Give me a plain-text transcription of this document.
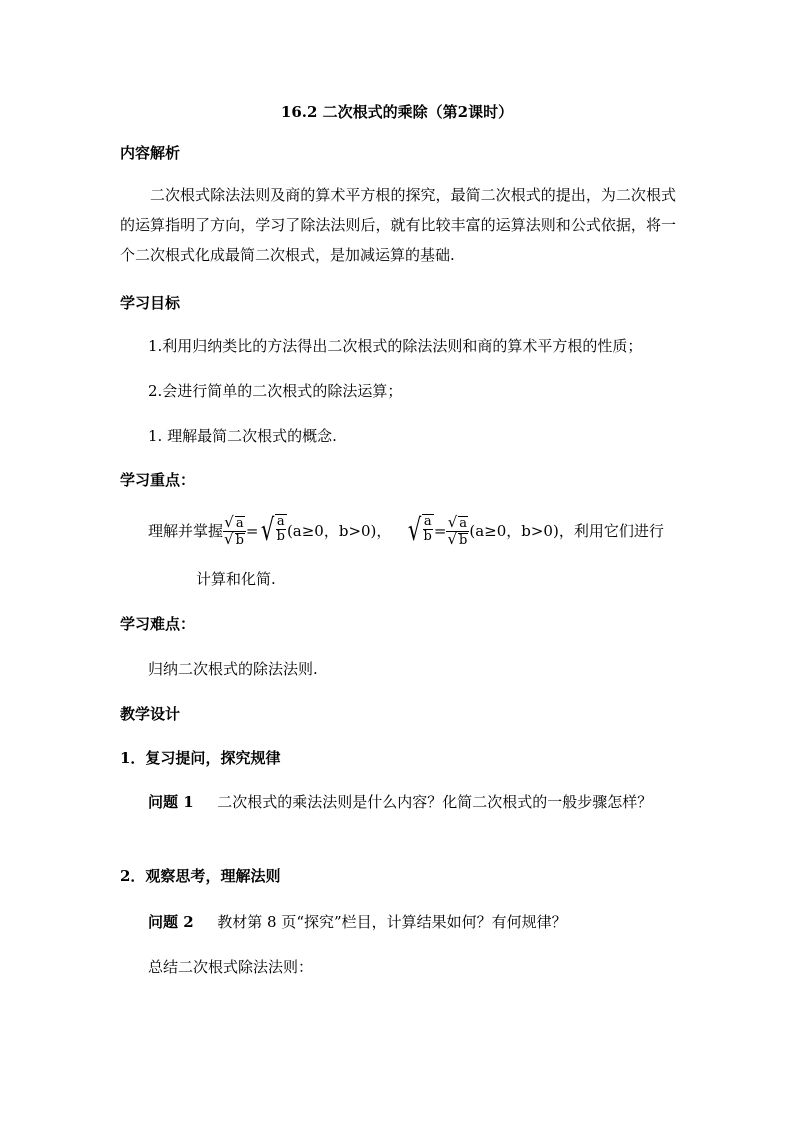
16.2 二次根式的乘除（第2课时）
内容解析
二次根式除法法则及商的算术平方根的探究，最简二次根式的提出，为二次根式的运算指明了方向，学习了除法法则后，就有比较丰富的运算法则和公式依据，将一个二次根式化成最简二次根式，是加减运算的基础.
学习目标
1.利用归纳类比的方法得出二次根式的除法法则和商的算术平方根的性质；
2.会进行简单的二次根式的除法运算；
1. 理解最简二次根式的概念.
学习重点：
理解并掌握 $\frac{√ a}{√ b}$ = √ $\frac{a}{b} (a\ge 0$，b>0)， √ $\frac{a}{b} = \frac{√ a}{√ b} (a\ge 0$，b>0)，利用它们进行
计算和化简.
学习难点：
归纳二次根式的除法法则.
教学设计
1．复习提问，探究规律
问题 1 二次根式的乘法法则是什么内容？化简二次根式的一般步骤怎样？
2．观察思考，理解法则
问题 2 教材第 8 页“探究”栏目，计算结果如何？有何规律？
总结二次根式除法法则：
